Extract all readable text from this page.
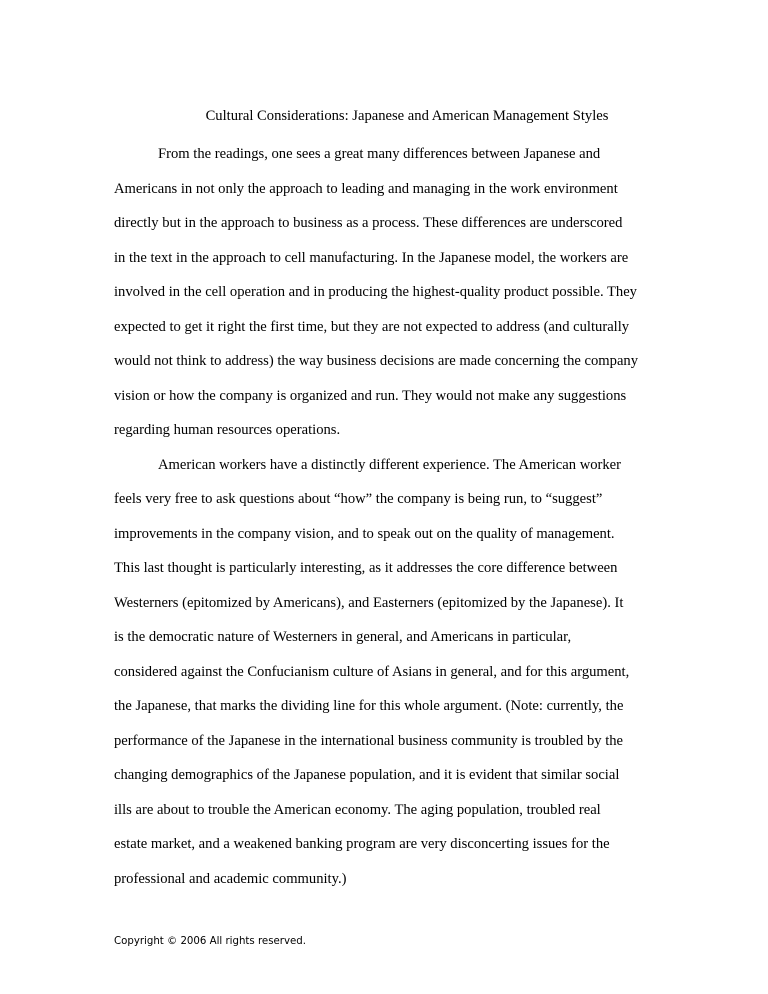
Cultural Considerations: Japanese and American Management Styles
From the readings, one sees a great many differences between Japanese and
Americans in not only the approach to leading and managing in the work environment
directly but in the approach to business as a process. These differences are underscored
in the text in the approach to cell manufacturing. In the Japanese model, the workers are
involved in the cell operation and in producing the highest-quality product possible. They
expected to get it right the first time, but they are not expected to address (and culturally
would not think to address) the way business decisions are made concerning the company
vision or how the company is organized and run. They would not make any suggestions
regarding human resources operations.
American workers have a distinctly different experience. The American worker
feels very free to ask questions about “how” the company is being run, to “suggest”
improvements in the company vision, and to speak out on the quality of management.
This last thought is particularly interesting, as it addresses the core difference between
Westerners (epitomized by Americans), and Easterners (epitomized by the Japanese). It
is the democratic nature of Westerners in general, and Americans in particular,
considered against the Confucianism culture of Asians in general, and for this argument,
the Japanese, that marks the dividing line for this whole argument. (Note: currently, the
performance of the Japanese in the international business community is troubled by the
changing demographics of the Japanese population, and it is evident that similar social
ills are about to trouble the American economy. The aging population, troubled real
estate market, and a weakened banking program are very disconcerting issues for the
professional and academic community.)
Copyright © 2006 All rights reserved.
